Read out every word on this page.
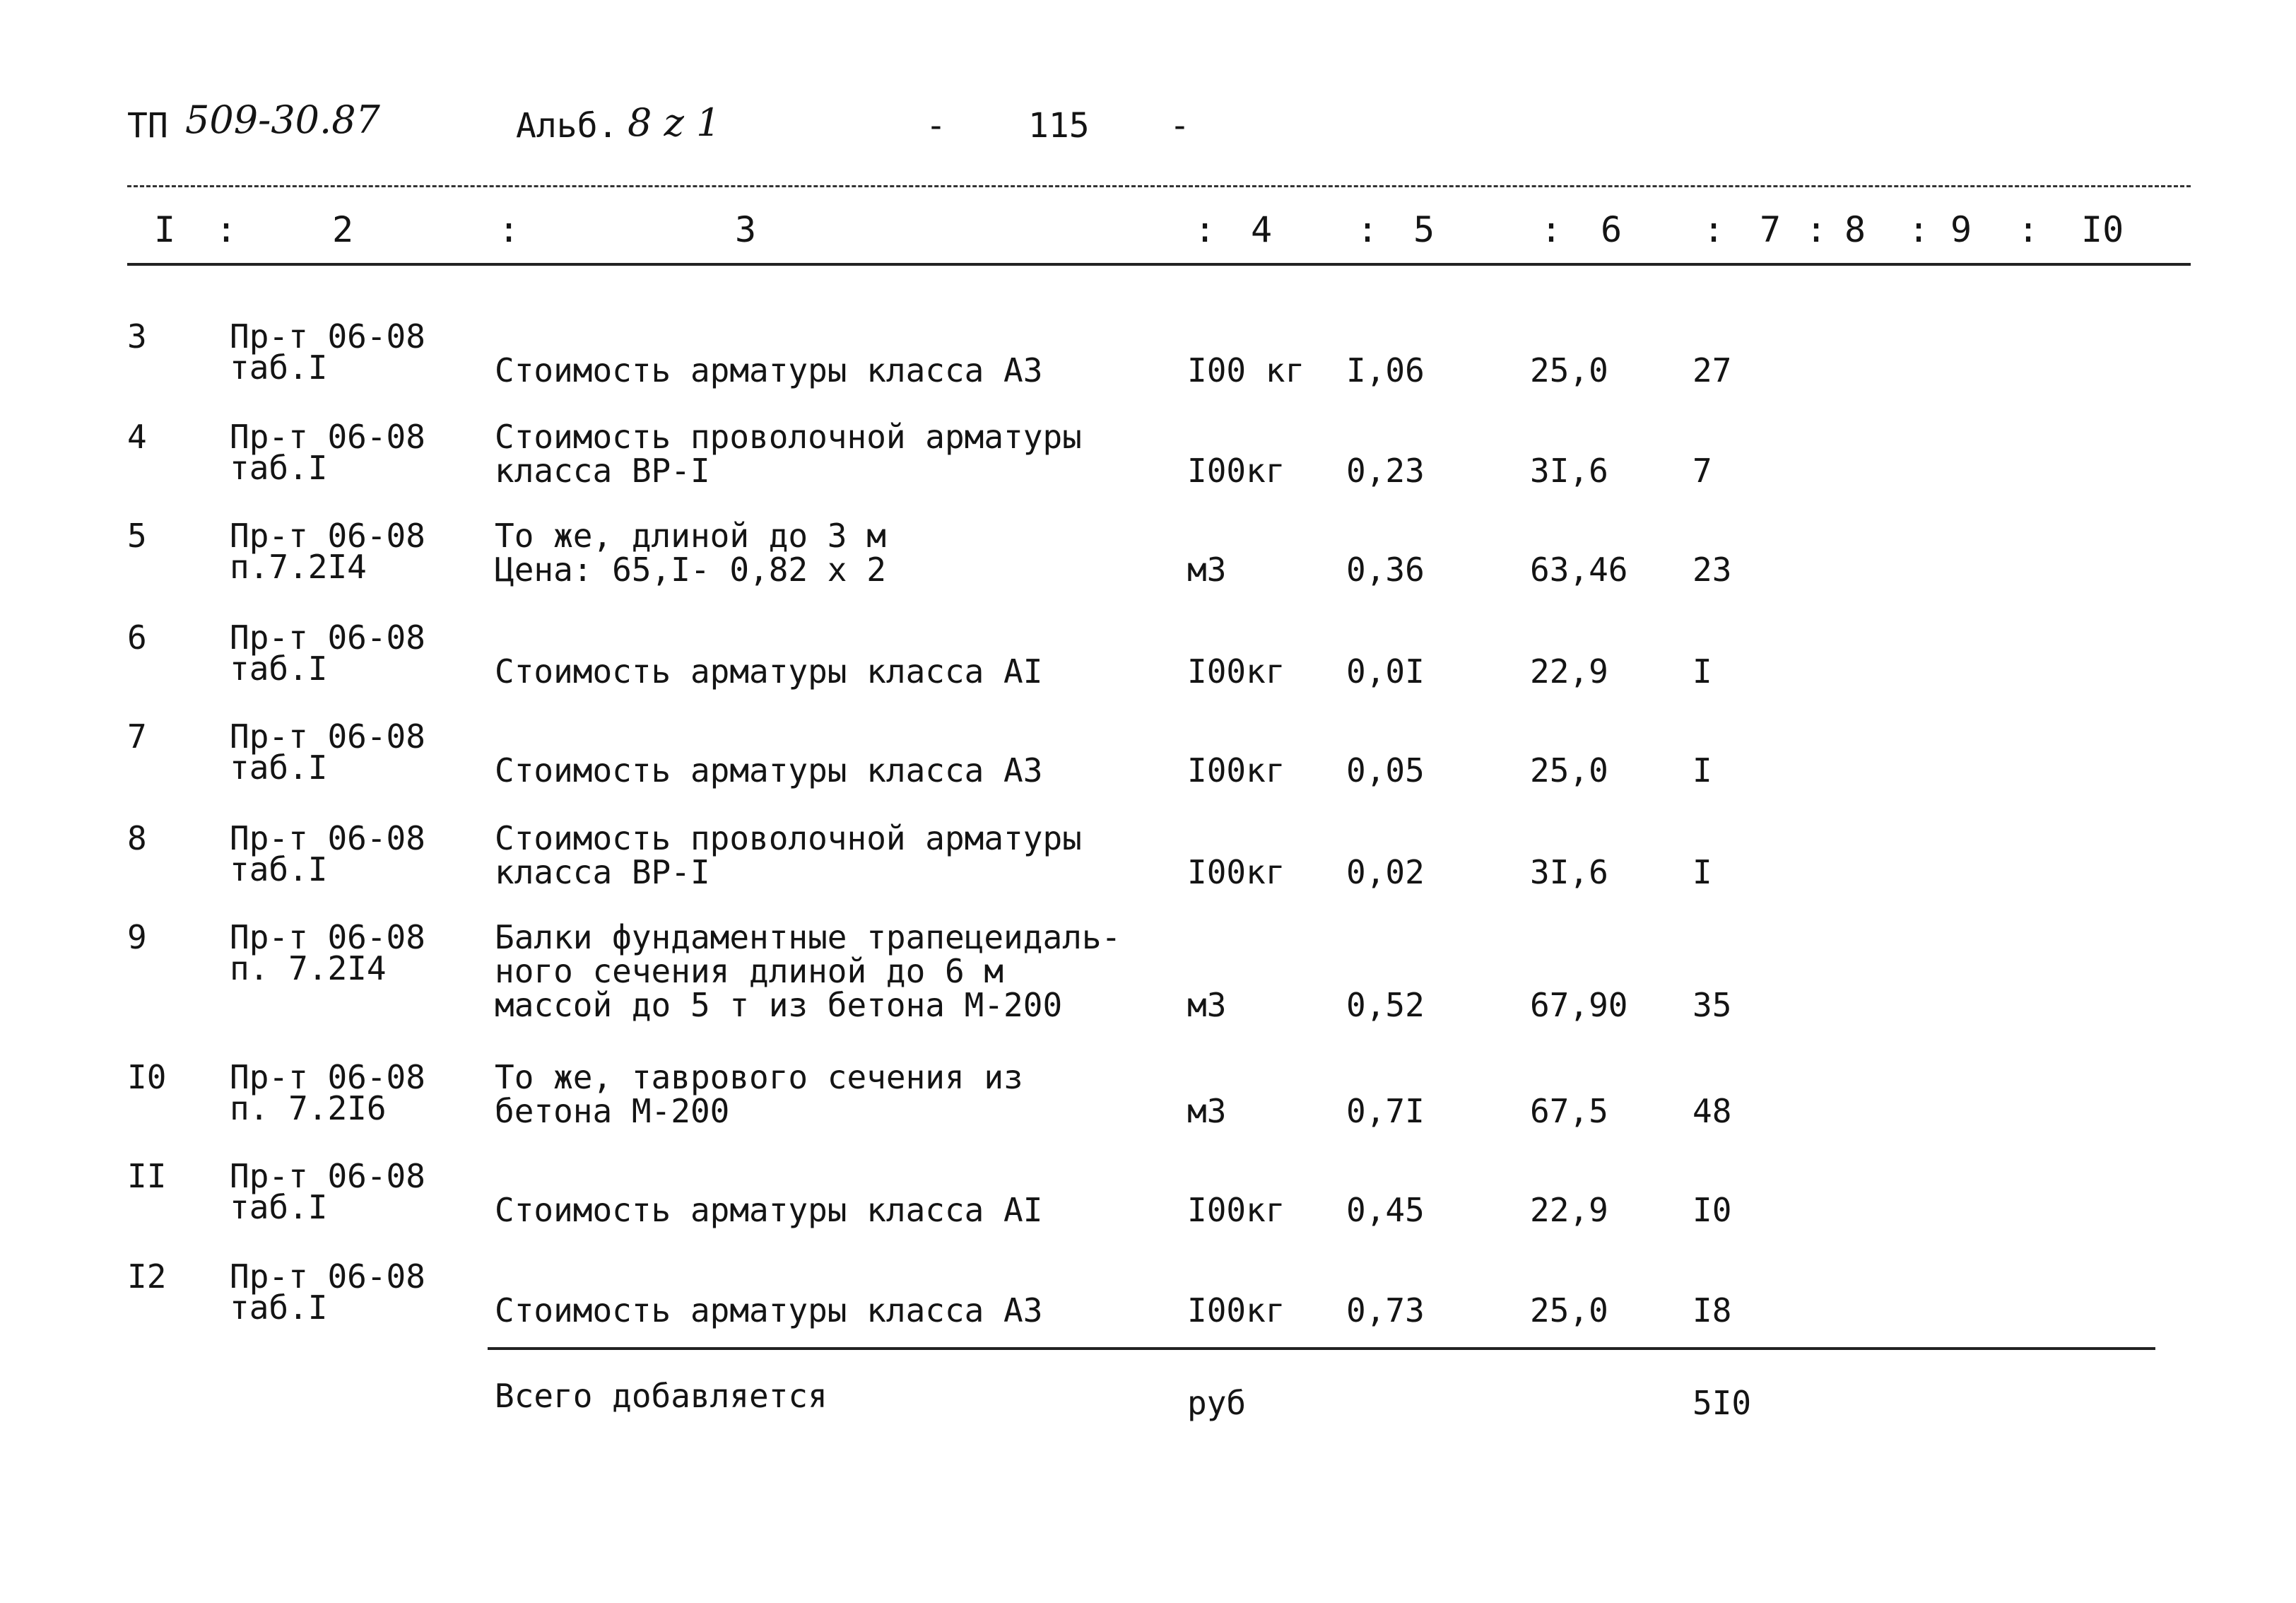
ТП 509-30.87	Альб. 8 z 1	- 115 -
I :	2	:	3	: 4 : 5	: 6 : 7 : 8 : 9 : I0
3	Пр-т 06-08
таб.I	Стоимость арматуры класса А3	I00 кг I,06	25,0	27
4	Пр-т 06-08
таб.I
Стоимость проволочной арматуры
класса ВР-I	I00кг 0,23	3I,6	7
5	Пр-т 06-08
п.7.2I4
То же, длиной до 3 м
Цена: 65,I- 0,82 х 2	м3	0,36	63,46 23
6	Пр-т 06-08
таб.I	Стоимость арматуры класса АI	I00кг 0,0I	22,9	I
7	Пр-т 06-08
таб.I	Стоимость арматуры класса А3	I00кг 0,05	25,0	I
8	Пр-т 06-08
таб.I
Стоимость проволочной арматуры
класса ВР-I	I00кг 0,02	3I,6	I
9	Пр-т 06-08
п. 7.2I4
Балки фундаментные трапецеидаль-
ного сечения длиной до 6 м
массой до 5 т из бетона М-200	м3	0,52	67,90 35
I0 Пр-т 06-08
п. 7.2I6
То же, таврового сечения из
бетона М-200	м3	0,7I	67,5	48
II Пр-т 06-08
таб.I	Стоимость арматуры класса АI	I00кг 0,45	22,9	I0
I2 Пр-т 06-08
таб.I	Стоимость арматуры класса А3	I00кг 0,73	25,0	I8
Всего добавляется	руб	5I0
